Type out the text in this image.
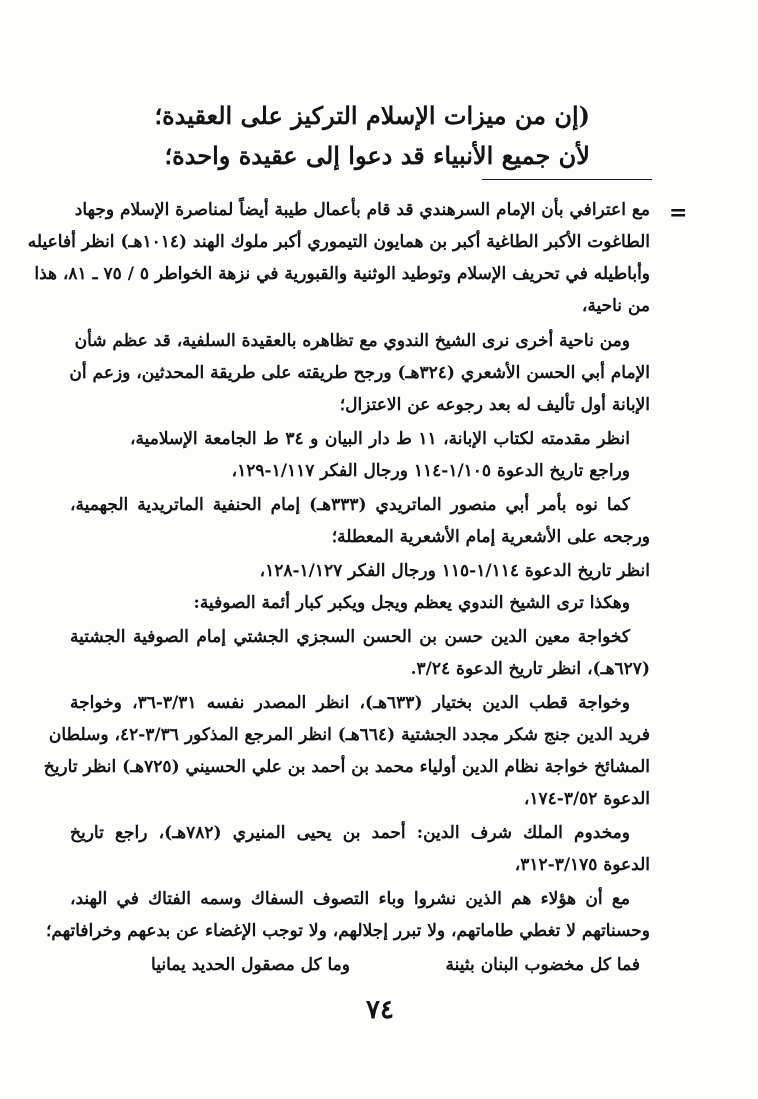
(إن من ميزات الإسلام التركيز على العقيدة؛
لأن جميع الأنبياء قد دعوا إلى عقيدة واحدة؛
=
مع اعترافي بأن الإمام السرهندي قد قام بأعمال طيبة أيضاً لمناصرة الإسلام وجهاد
الطاغوت الأكبر الطاغية أكبر بن همايون التيموري أكبر ملوك الهند (١٠١٤هـ) انظر أفاعيله
وأباطيله في تحريف الإسلام وتوطيد الوثنية والقبورية في نزهة الخواطر ٥ / ٧٥ ـ ٨١، هذا
من ناحية،
ومن ناحية أخرى نرى الشيخ الندوي مع تظاهره بالعقيدة السلفية، قد عظم شأن
الإمام أبي الحسن الأشعري (٣٢٤هـ) ورجح طريقته على طريقة المحدثين، وزعم أن
الإبانة أول تأليف له بعد رجوعه عن الاعتزال؛
انظر مقدمته لكتاب الإبانة، ١١ ط دار البيان و ٣٤ ط الجامعة الإسلامية،
وراجع تاريخ الدعوة ١/١٠٥-١١٤ ورجال الفكر ١/١١٧-١٢٩،
كما نوه بأمر أبي منصور الماتريدي (٣٣٣هـ) إمام الحنفية الماتريدية الجهمية،
ورجحه على الأشعرية إمام الأشعرية المعطلة؛
انظر تاريخ الدعوة ١/١١٤-١١٥ ورجال الفكر ١/١٢٧-١٢٨،
وهكذا ترى الشيخ الندوي يعظم ويجل ويكبر كبار أئمة الصوفية:
كخواجة معين الدين حسن بن الحسن السجزي الجشتي إمام الصوفية الجشتية
(٦٢٧هـ)، انظر تاريخ الدعوة ٣/٢٤.
وخواجة قطب الدين بختيار (٦٣٣هـ)، انظر المصدر نفسه ٣/٣١-٣٦، وخواجة
فريد الدين جنج شكر مجدد الجشتية (٦٦٤هـ) انظر المرجع المذكور ٣/٣٦-٤٢، وسلطان
المشائخ خواجة نظام الدين أولياء محمد بن أحمد بن علي الحسيني (٧٢٥هـ) انظر تاريخ
الدعوة ٣/٥٢-١٧٤،
ومخدوم الملك شرف الدين: أحمد بن يحيى المنيري (٧٨٢هـ)، راجع تاريخ
الدعوة ٣/١٧٥-٣١٢،
مع أن هؤلاء هم الذين نشروا وباء التصوف السفاك وسمه الفتاك في الهند،
وحسناتهم لا تغطي طاماتهم، ولا تبرر إجلالهم، ولا توجب الإغضاء عن بدعهم وخرافاتهم؛
فما كل مخضوب البنان بثينة
وما كل مصقول الحديد يمانيا
٧٤
